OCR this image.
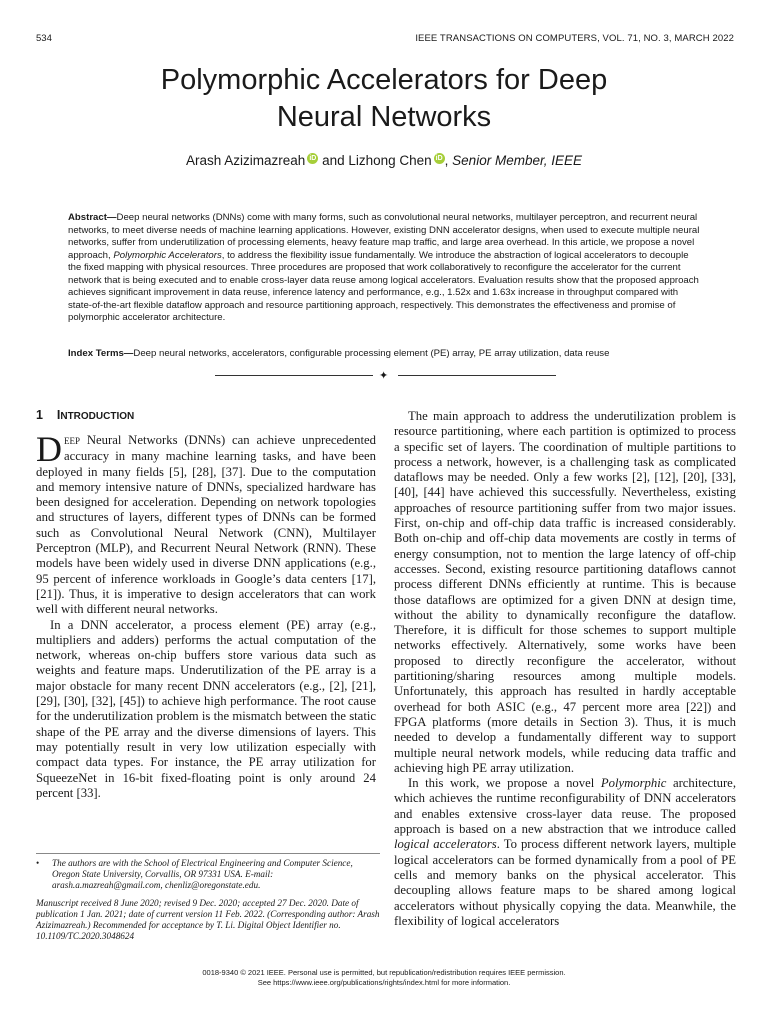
534	IEEE TRANSACTIONS ON COMPUTERS, VOL. 71, NO. 3, MARCH 2022
Polymorphic Accelerators for Deep
Neural Networks
Arash Azizimazreah iD and Lizhong Chen iD , Senior Member, IEEE
Abstract—Deep neural networks (DNNs) come with many forms, such as convolutional neural networks, multilayer perceptron, and recurrent neural networks, to meet diverse needs of machine learning applications. However, existing DNN accelerator designs, when used to execute multiple neural networks, suffer from underutilization of processing elements, heavy feature map traffic, and large area overhead. In this article, we propose a novel approach, Polymorphic Accelerators, to address the flexibility issue fundamentally. We introduce the abstraction of logical accelerators to decouple the fixed mapping with physical resources. Three procedures are proposed that work collaboratively to reconfigure the accelerator for the current network that is being executed and to enable cross-layer data reuse among logical accelerators. Evaluation results show that the proposed approach achieves significant improvement in data reuse, inference latency and performance, e.g., 1.52x and 1.63x increase in throughput compared with state-of-the-art flexible dataflow approach and resource partitioning approach, respectively. This demonstrates the effectiveness and promise of polymorphic accelerator architecture.
Index Terms—Deep neural networks, accelerators, configurable processing element (PE) array, PE array utilization, data reuse
✦
1 INTRODUCTION

DEEP Neural Networks (DNNs) can achieve unprecedented accuracy in many machine learning tasks, and have been deployed in many fields [5], [28], [37]. Due to the computation and memory intensive nature of DNNs, specialized hardware has been designed for acceleration. Depending on network topologies and structures of layers, different types of DNNs can be formed such as Convolutional Neural Network (CNN), Multilayer Perceptron (MLP), and Recurrent Neural Network (RNN). These models have been widely used in diverse DNN applications (e.g., 95 percent of inference workloads in Google’s data centers [17], [21]). Thus, it is imperative to design accelerators that can work well with different neural networks.

In a DNN accelerator, a process element (PE) array (e.g., multipliers and adders) performs the actual computation of the network, whereas on-chip buffers store various data such as weights and feature maps. Underutilization of the PE array is a major obstacle for many recent DNN accelerators (e.g., [2], [21], [29], [30], [32], [45]) to achieve high performance. The root cause for the underutilization problem is the mismatch between the static shape of the PE array and the diverse dimensions of layers. This may potentially result in very low utilization especially with compact data types. For instance, the PE array utilization for SqueezeNet in 16-bit fixed-floating point is only around 24 percent [33].

The main approach to address the underutilization problem is resource partitioning, where each partition is optimized to process a specific set of layers. The coordination of multiple partitions to process a network, however, is a challenging task as complicated dataflows may be needed. Only a few works [2], [12], [20], [33], [40], [44] have achieved this successfully. Nevertheless, existing approaches of resource partitioning suffer from two major issues. First, on-chip and off-chip data traffic is increased considerably. Both on-chip and off-chip data movements are costly in terms of energy consumption, not to mention the large latency of off-chip accesses. Second, existing resource partitioning dataflows cannot process different DNNs efficiently at runtime. This is because those dataflows are optimized for a given DNN at design time, without the ability to dynamically reconfigure the dataflow. Therefore, it is difficult for those schemes to support multiple networks effectively. Alternatively, some works have been proposed to directly reconfigure the accelerator, without partitioning/sharing resources among multiple models. Unfortunately, this approach has resulted in hardly acceptable overhead for both ASIC (e.g., 47 percent more area [22]) and FPGA platforms (more details in Section 3). Thus, it is much needed to develop a fundamentally different way to support multiple neural network models, while reducing data traffic and achieving high PE array utilization.

In this work, we propose a novel Polymorphic architecture, which achieves the runtime reconfigurability of DNN accelerators and enables extensive cross-layer data reuse. The proposed approach is based on a new abstraction that we introduce called logical accelerators. To process different network layers, multiple logical accelerators can be formed dynamically from a pool of PE cells and memory banks on the physical accelerator. This decoupling allows feature maps to be shared among logical accelerators without physically copying the data. Meanwhile, the flexibility of logical accelerators

• The authors are with the School of Electrical Engineering and Computer Science, Oregon State University, Corvallis, OR 97331 USA. E-mail: arash.a.mazreah@gmail.com, chenliz@oregonstate.edu.
Manuscript received 8 June 2020; revised 9 Dec. 2020; accepted 27 Dec. 2020. Date of publication 1 Jan. 2021; date of current version 11 Feb. 2022. (Corresponding author: Arash Azizimazreah.) Recommended for acceptance by T. Li. Digital Object Identifier no. 10.1109/TC.2020.3048624
0018-9340 © 2021 IEEE. Personal use is permitted, but republication/redistribution requires IEEE permission.
See https://www.ieee.org/publications/rights/index.html for more information.
